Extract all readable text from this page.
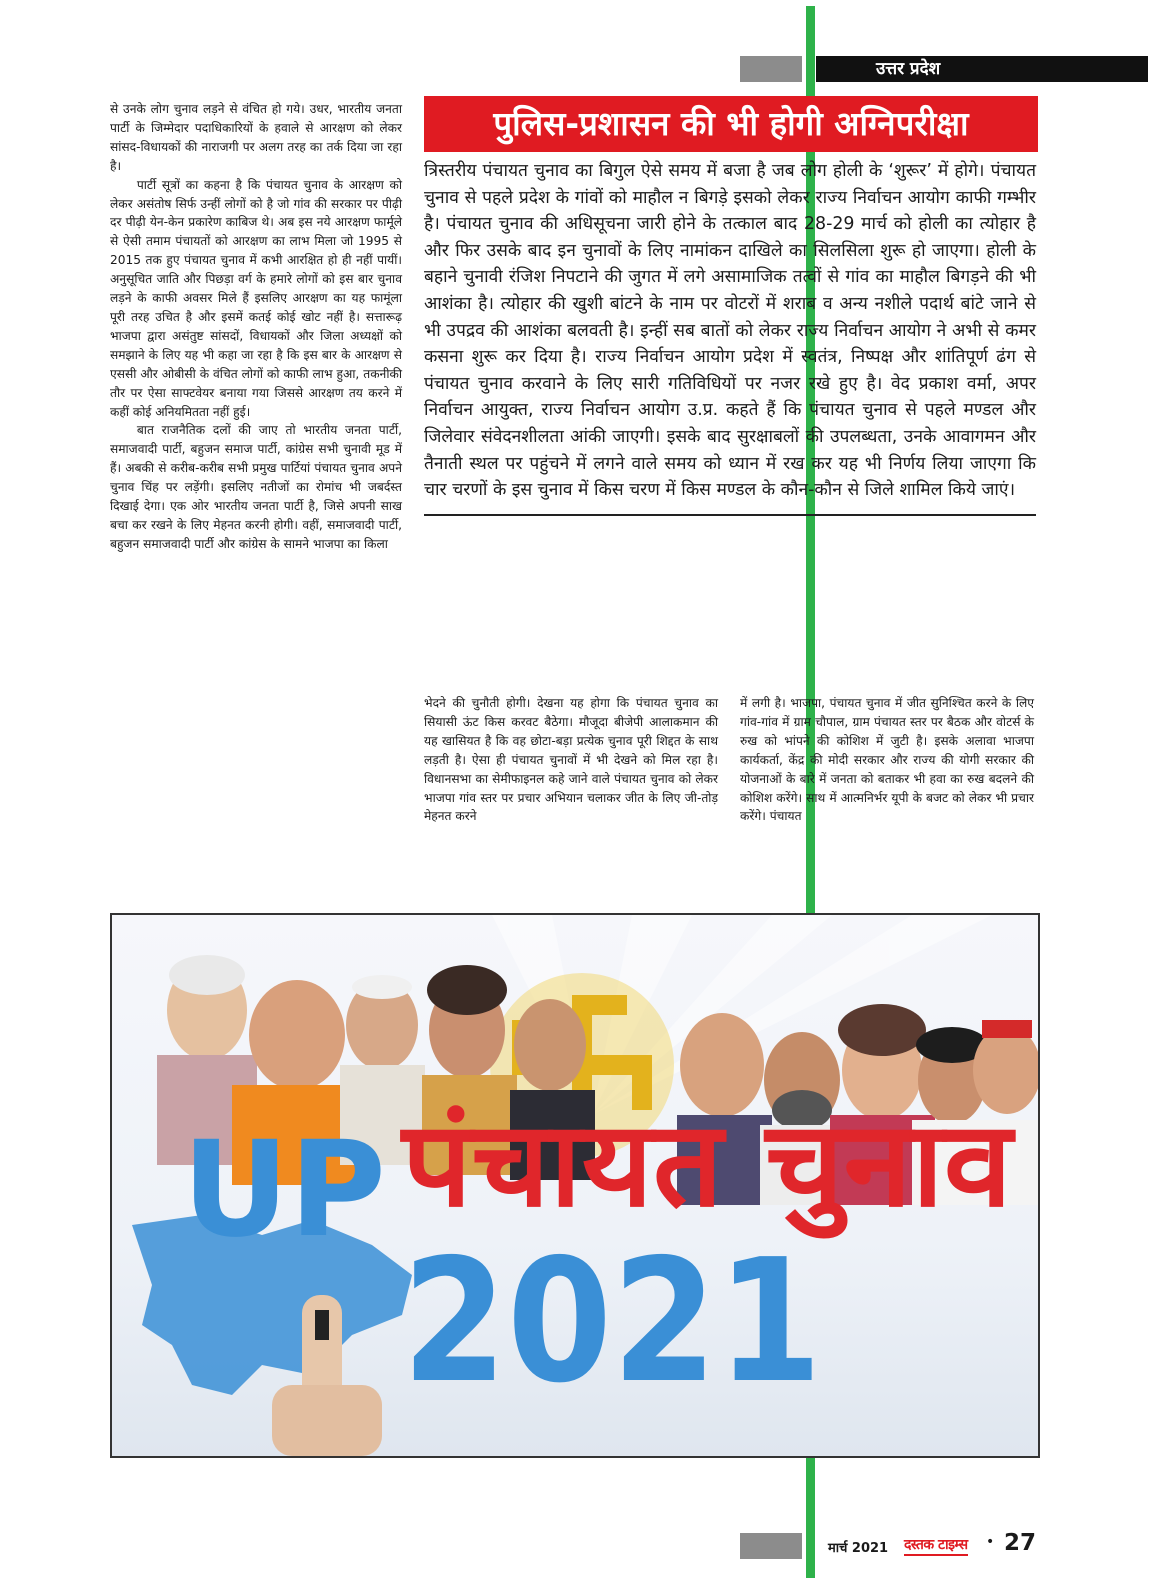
उत्तर प्रदेश

से उनके लोग चुनाव लड़ने से वंचित हो गये। उधर, भारतीय जनता पार्टी के जिम्मेदार पदाधिकारियों के हवाले से आरक्षण को लेकर सांसद-विधायकों की नाराजगी पर अलग तरह का तर्क दिया जा रहा है।

पार्टी सूत्रों का कहना है कि पंचायत चुनाव के आरक्षण को लेकर असंतोष सिर्फ उन्हीं लोगों को है जो गांव की सरकार पर पीढ़ी दर पीढ़ी येन-केन प्रकारेण काबिज थे। अब इस नये आरक्षण फार्मूले से ऐसी तमाम पंचायतों को आरक्षण का लाभ मिला जो 1995 से 2015 तक हुए पंचायत चुनाव में कभी आरक्षित हो ही नहीं पायीं। अनुसूचित जाति और पिछड़ा वर्ग के हमारे लोगों को इस बार चुनाव लड़ने के काफी अवसर मिले हैं इसलिए आरक्षण का यह फामूंला पूरी तरह उचित है और इसमें कतई कोई खोट नहीं है। सत्तारूढ़ भाजपा द्वारा असंतुष्ट सांसदों, विधायकों और जिला अध्यक्षों को समझाने के लिए यह भी कहा जा रहा है कि इस बार के आरक्षण से एससी और ओबीसी के वंचित लोगों को काफी लाभ हुआ, तकनीकी तौर पर ऐसा साफ्टवेयर बनाया गया जिससे आरक्षण तय करने में कहीं कोई अनियमितता नहीं हुई।

बात राजनैतिक दलों की जाए तो भारतीय जनता पार्टी, समाजवादी पार्टी, बहुजन समाज पार्टी, कांग्रेस सभी चुनावी मूड में हैं। अबकी से करीब-करीब सभी प्रमुख पार्टियां पंचायत चुनाव अपने चुनाव चिंह पर लड़ेंगी। इसलिए नतीजों का रोमांच भी जबर्दस्त दिखाई देगा। एक ओर भारतीय जनता पार्टी है, जिसे अपनी साख बचा कर रखने के लिए मेहनत करनी होगी। वहीं, समाजवादी पार्टी, बहुजन समाजवादी पार्टी और कांग्रेस के सामने भाजपा का किला

पुलिस-प्रशासन की भी होगी अग्निपरीक्षा
त्रिस्तरीय पंचायत चुनाव का बिगुल ऐसे समय में बजा है जब लोग होली के ‘शुरूर’ में होगे। पंचायत चुनाव से पहले प्रदेश के गांवों को माहौल न बिगड़े इसको लेकर राज्य निर्वाचन आयोग काफी गम्भीर है। पंचायत चुनाव की अधिसूचना जारी होने के तत्काल बाद 28-29 मार्च को होली का त्योहार है और फिर उसके बाद इन चुनावों के लिए नामांकन दाखिले का सिलसिला शुरू हो जाएगा। होली के बहाने चुनावी रंजिश निपटाने की जुगत में लगे असामाजिक तत्वों से गांव का माहौल बिगड़ने की भी आशंका है। त्योहार की खुशी बांटने के नाम पर वोटरों में शराब व अन्य नशीले पदार्थ बांटे जाने से भी उपद्रव की आशंका बलवती है। इन्हीं सब बातों को लेकर राज्य निर्वाचन आयोग ने अभी से कमर कसना शुरू कर दिया है। राज्य निर्वाचन आयोग प्रदेश में स्वतंत्र, निष्पक्ष और शांतिपूर्ण ढंग से पंचायत चुनाव करवाने के लिए सारी गतिविधियों पर नजर रखे हुए है। वेद प्रकाश वर्मा, अपर निर्वाचन आयुक्त, राज्य निर्वाचन आयोग उ.प्र. कहते हैं कि पंचायत चुनाव से पहले मण्डल और जिलेवार संवेदनशीलता आंकी जाएगी। इसके बाद सुरक्षाबलों की उपलब्धता, उनके आवागमन और तैनाती स्थल पर पहुंचने में लगने वाले समय को ध्यान में रख कर यह भी निर्णय लिया जाएगा कि चार चरणों के इस चुनाव में किस चरण में किस मण्डल के कौन-कौन से जिले शामिल किये जाएं।

भेदने की चुनौती होगी। देखना यह होगा कि पंचायत चुनाव का सियासी ऊंट किस करवट बैठेगा। मौजूदा बीजेपी आलाकमान की यह खासियत है कि वह छोटा-बड़ा प्रत्येक चुनाव पूरी शिद्दत के साथ लड़ती है। ऐसा ही पंचायत चुनावों में भी देखने को मिल रहा है। विधानसभा का सेमीफाइनल कहे जाने वाले पंचायत चुनाव को लेकर भाजपा गांव स्तर पर प्रचार अभियान चलाकर जीत के लिए जी-तोड़ मेहनत करने

में लगी है। भाजपा, पंचायत चुनाव में जीत सुनिश्चित करने के लिए गांव-गांव में ग्राम चौपाल, ग्राम पंचायत स्तर पर बैठक और वोटर्स के रुख को भांपने की कोशिश में जुटी है। इसके अलावा भाजपा कार्यकर्ता, केंद्र की मोदी सरकार और राज्य की योगी सरकार की योजनाओं के बारे में जनता को बताकर भी हवा का रुख बदलने की कोशिश करेंगे। साथ में आत्मनिर्भर यूपी के बजट को लेकर भी प्रचार करेंगे। पंचायत

UP पंचायत चुनाव
2021
मार्च 2021 दस्तक टाइम्स • 27
